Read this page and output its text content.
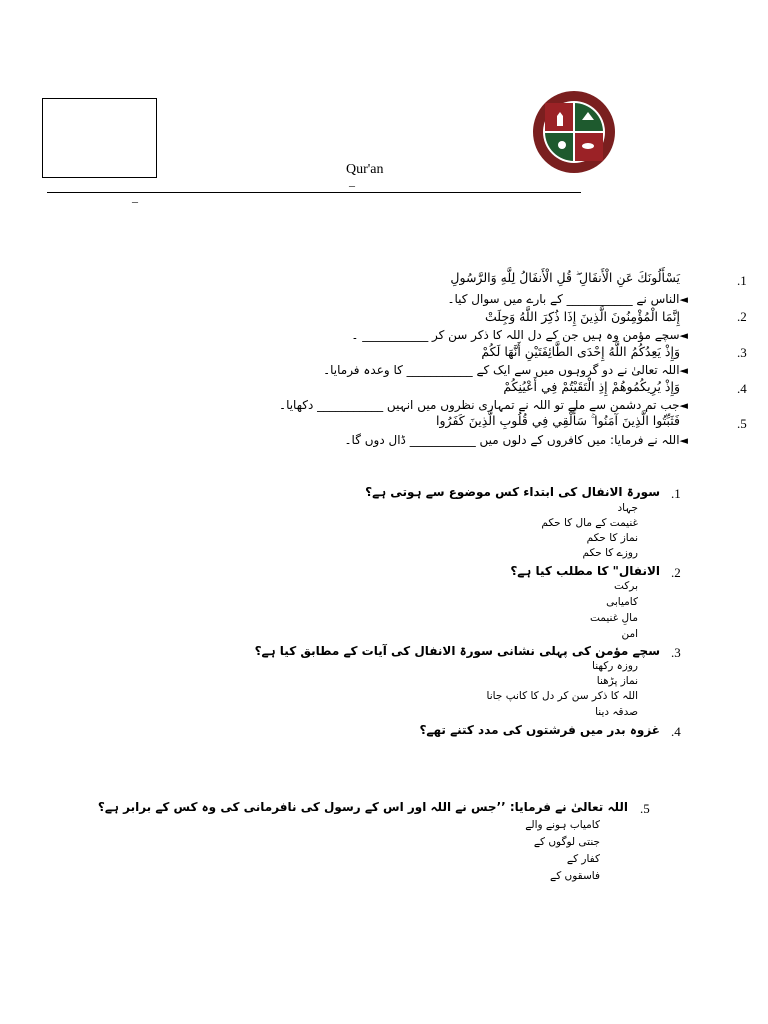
Qur'an
–
–
.1
يَسْأَلُونَكَ عَنِ الْأَنفَالِ ۖ قُلِ الْأَنفَالُ لِلَّهِ وَالرَّسُولِ
◄الناس نے ___________ کے بارے میں سوال کیا۔
.2
إِنَّمَا الْمُؤْمِنُونَ الَّذِينَ إِذَا ذُكِرَ اللَّهُ وَجِلَتْ
◄سچے مؤمن وہ ہیں جن کے دل اللہ کا ذکر سن کر ___________ ۔
.3
وَإِذْ يَعِدُكُمُ اللَّهُ إِحْدَى الطَّائِفَتَيْنِ أَنَّهَا لَكُمْ
◄اللہ تعالیٰ نے دو گروہوں میں سے ایک کے ___________ کا وعدہ فرمایا۔
.4
وَإِذْ يُرِيكُمُوهُمْ إِذِ الْتَقَيْتُمْ فِي أَعْيُنِكُمْ
◄جب تم دشمن سے ملے تو اللہ نے تمہاری نظروں میں انہیں ___________ دکھایا۔
.5
فَثَبِّتُوا الَّذِينَ آمَنُوا ۚ سَأُلْقِي فِي قُلُوبِ الَّذِينَ كَفَرُوا
◄اللہ نے فرمایا: میں کافروں کے دلوں میں ___________ ڈال دوں گا۔
.1
سورۃ الانفال کی ابتداء کس موضوع سے ہوتی ہے؟
جہاد
غنیمت کے مال کا حکم
نماز کا حکم
روزے کا حکم
.2
الانفال" کا مطلب کیا ہے؟
برکت
کامیابی
مالِ غنیمت
امن
.3
سچے مؤمن کی پہلی نشانی سورۃ الانفال کی آیات کے مطابق کیا ہے؟
روزہ رکھنا
نماز پڑھنا
اللہ کا ذکر سن کر دل کا کانپ جانا
صدقہ دینا
.4
غزوہ بدر میں فرشتوں کی مدد کتنے تھے؟
.5
اللہ تعالیٰ نے فرمایا: ’’جس نے اللہ اور اس کے رسول کی نافرمانی کی وہ کس کے برابر ہے؟
کامیاب ہونے والے
جنتی لوگوں کے
کفار کے
فاسقوں کے
